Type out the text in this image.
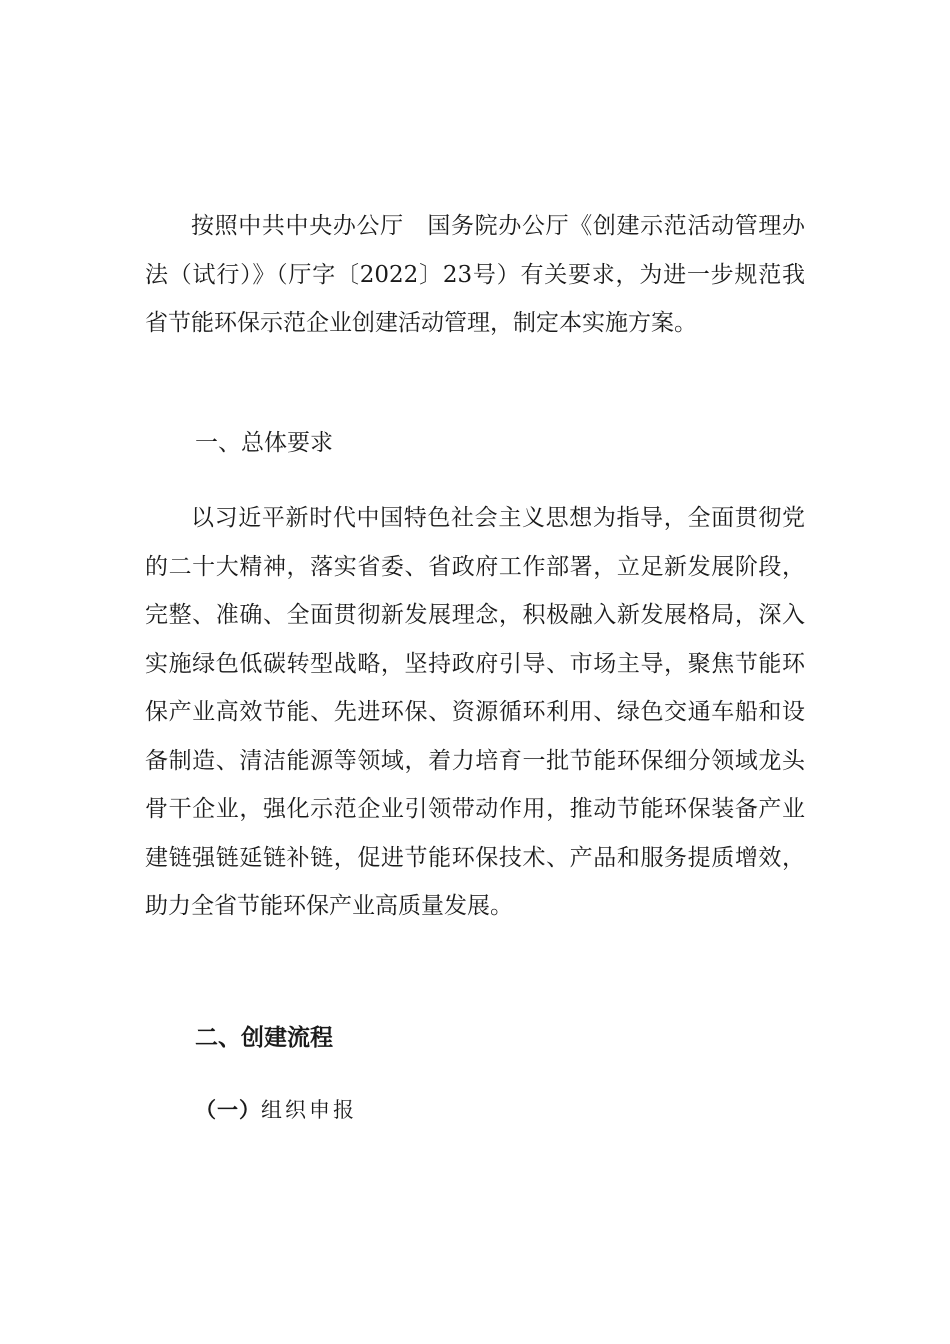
按照中共中央办公厅　国务院办公厅《创建示范活动管理办法（试行）》（厅字〔2022〕23号）有关要求，为进一步规范我省节能环保示范企业创建活动管理，制定本实施方案。

一、总体要求

以习近平新时代中国特色社会主义思想为指导，全面贯彻党的二十大精神，落实省委、省政府工作部署，立足新发展阶段，完整、准确、全面贯彻新发展理念，积极融入新发展格局，深入实施绿色低碳转型战略，坚持政府引导、市场主导，聚焦节能环保产业高效节能、先进环保、资源循环利用、绿色交通车船和设备制造、清洁能源等领域，着力培育一批节能环保细分领域龙头骨干企业，强化示范企业引领带动作用，推动节能环保装备产业建链强链延链补链，促进节能环保技术、产品和服务提质增效，助力全省节能环保产业高质量发展。

二、创建流程

（一）组织申报
